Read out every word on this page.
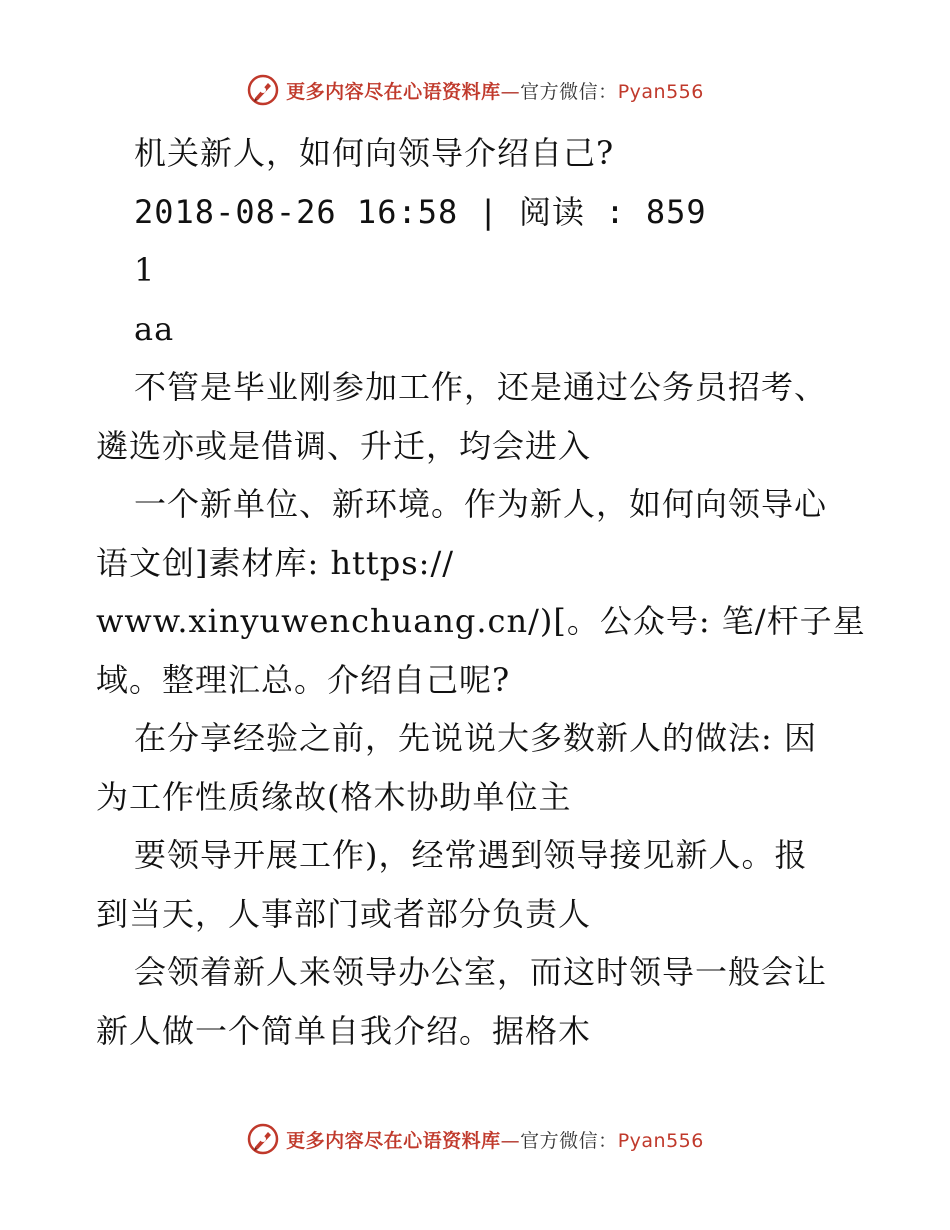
更多内容尽在心语资料库—官方微信：Pyan556
机关新人，如何向领导介绍自己?
2018-08-26 16:58 | 阅读 : 859
1
aa
不管是毕业刚参加工作，还是通过公务员招考、
遴选亦或是借调、升迁，均会进入
一个新单位、新环境。作为新人，如何向领导心
语文创]素材库: https://
www.xinyuwenchuang.cn/)[。公众号: 笔/杆子星
域。整理汇总。介绍自己呢?
在分享经验之前，先说说大多数新人的做法: 因
为工作性质缘故(格木协助单位主
要领导开展工作)，经常遇到领导接见新人。报
到当天，人事部门或者部分负责人
会领着新人来领导办公室，而这时领导一般会让
新人做一个简单自我介绍。据格木
更多内容尽在心语资料库—官方微信：Pyan556
